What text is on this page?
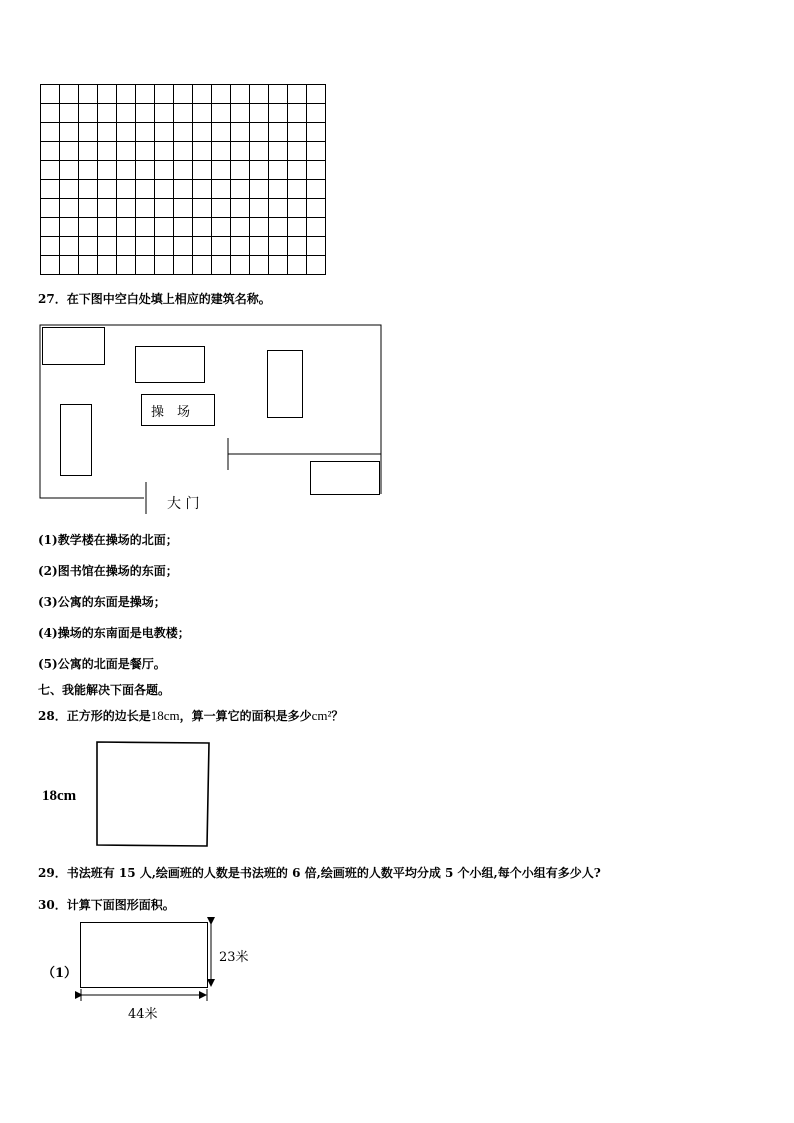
27．在下图中空白处填上相应的建筑名称。
操　场
大 门
(1)教学楼在操场的北面；
(2)图书馆在操场的东面；
(3)公寓的东面是操场；
(4)操场的东南面是电教楼；
(5)公寓的北面是餐厅。
七、我能解决下面各题。
28．正方形的边长是18cm，算一算它的面积是多少cm²？
18cm
29．书法班有 15 人,绘画班的人数是书法班的 6 倍,绘画班的人数平均分成 5 个小组,每个小组有多少人?
30．计算下面图形面积。
（1）
23米
44米
